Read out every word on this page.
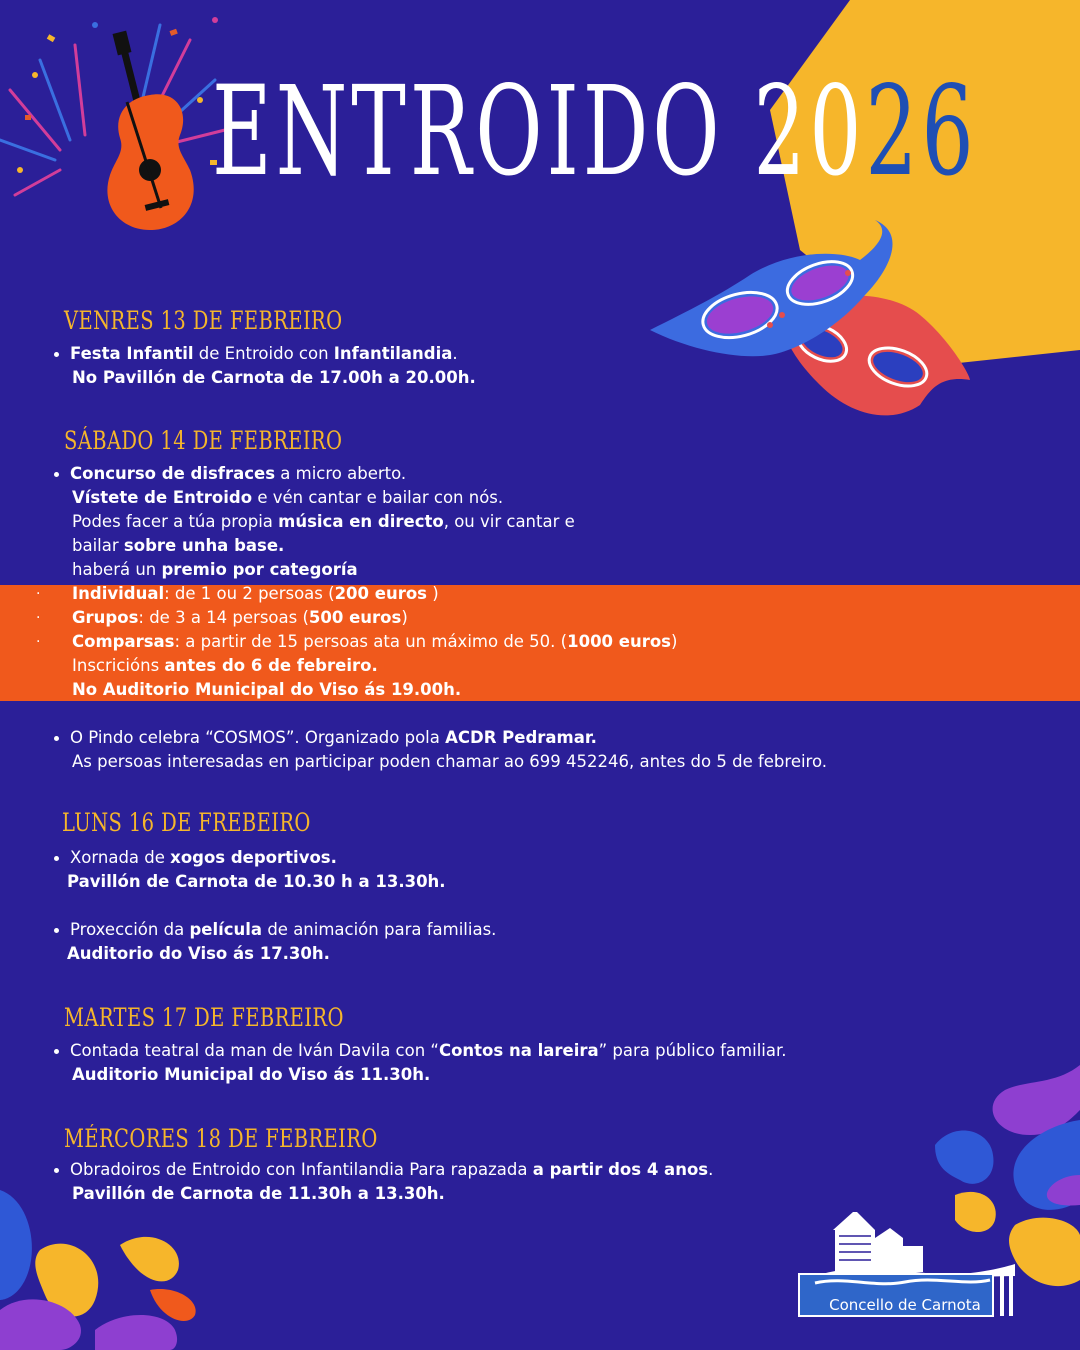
ENTROIDO 2026
VENRES 13 DE FEBREIRO
Festa Infantil de Entroido con Infantilandia.
No Pavillón de Carnota de 17.00h a 20.00h.
SÁBADO 14 DE FEBREIRO
Concurso de disfraces a micro aberto.
Vístete de Entroido e vén cantar e bailar con nós.
Podes facer a túa propia música en directo, ou vir cantar e
bailar sobre unha base.
haberá un premio por categoría
· Individual: de 1 ou 2 persoas (200 euros )
· Grupos: de 3 a 14 persoas (500 euros)
· Comparsas: a partir de 15 persoas ata un máximo de 50. (1000 euros)
Inscricións antes do 6 de febreiro.
No Auditorio Municipal do Viso ás 19.00h.
O Pindo celebra “COSMOS”. Organizado pola ACDR Pedramar.
As persoas interesadas en participar poden chamar ao 699 452246, antes do 5 de febreiro.
LUNS 16 DE FREBEIRO
Xornada de xogos deportivos.
Pavillón de Carnota de 10.30 h a 13.30h.
Proxección da película de animación para familias.
Auditorio do Viso ás 17.30h.
MARTES 17 DE FEBREIRO
Contada teatral da man de Iván Davila con “Contos na lareira” para público familiar.
Auditorio Municipal do Viso ás 11.30h.
MÉRCORES 18 DE FEBREIRO
Obradoiros de Entroido con Infantilandia Para rapazada a partir dos 4 anos.
Pavillón de Carnota de 11.30h a 13.30h.
Concello de Carnota
